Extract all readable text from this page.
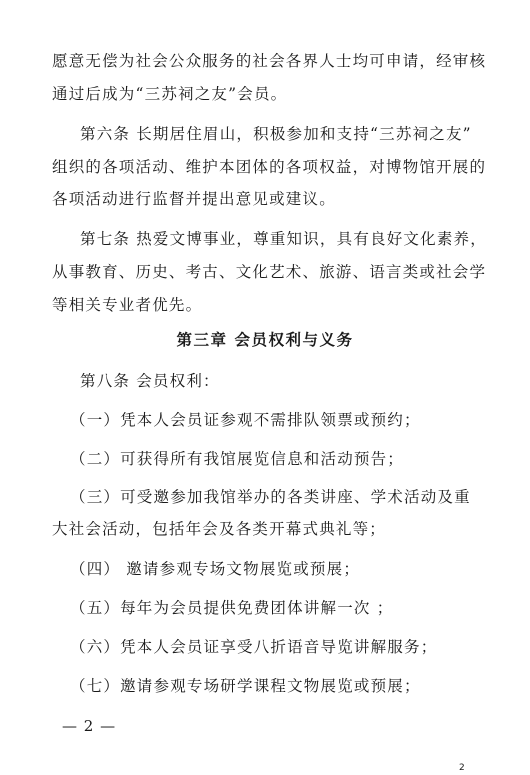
愿意无偿为社会公众服务的社会各界人士均可申请，经审核
通过后成为“三苏祠之友”会员。
第六条 长期居住眉山，积极参加和支持“三苏祠之友”
组织的各项活动、维护本团体的各项权益，对博物馆开展的
各项活动进行监督并提出意见或建议。
第七条 热爱文博事业，尊重知识，具有良好文化素养，
从事教育、历史、考古、文化艺术、旅游、语言类或社会学
等相关专业者优先。
第三章 会员权利与义务
第八条 会员权利：
（一）凭本人会员证参观不需排队领票或预约；
（二）可获得所有我馆展览信息和活动预告；
（三）可受邀参加我馆举办的各类讲座、学术活动及重
大社会活动，包括年会及各类开幕式典礼等；
（四） 邀请参观专场文物展览或预展；
（五）每年为会员提供免费团体讲解一次 ；
（六）凭本人会员证享受八折语音导览讲解服务；
（七）邀请参观专场研学课程文物展览或预展；
— 2 —
2
